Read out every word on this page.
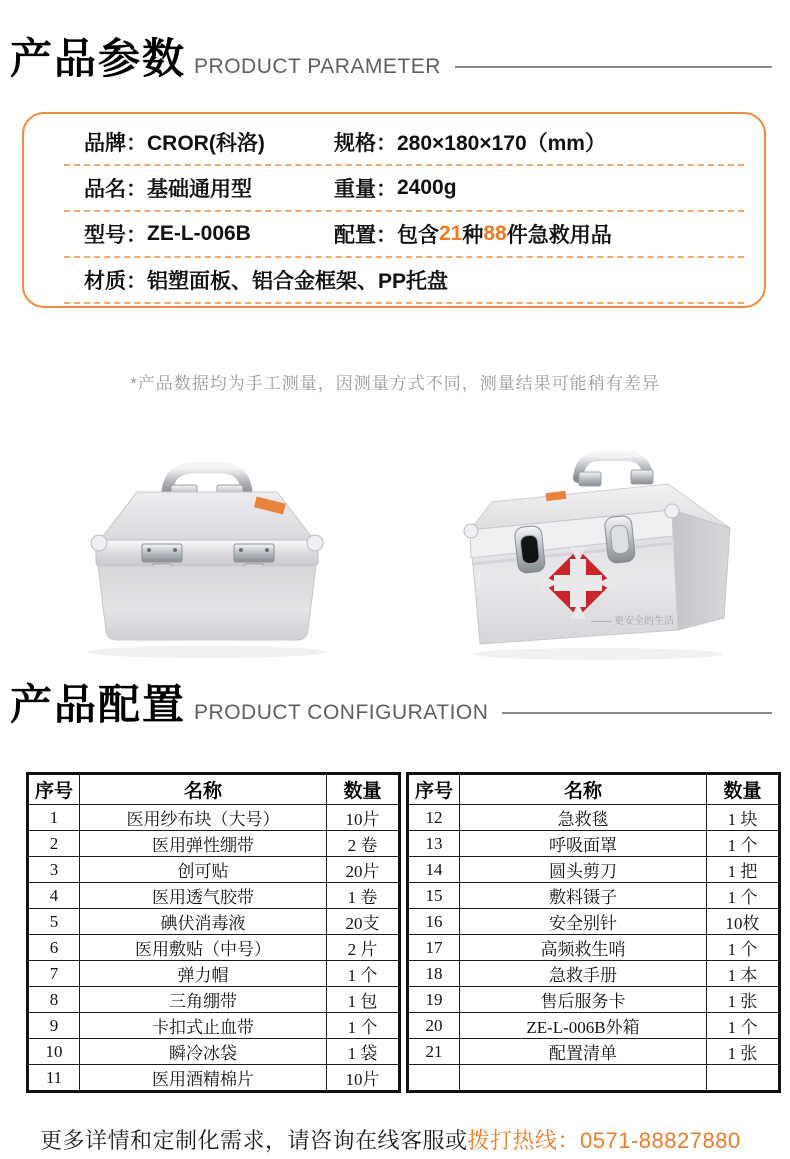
产品参数 PRODUCT PARAMETER
品牌： CROR(科洛)	规格： 280×180×170（mm）
品名： 基础通用型	重量： 2400g
型号： ZE-L-006B	配置： 包含 21 种 88 件急救用品
材质： 铝塑面板、铝合金框架、PP托盘

*产品数据均为手工测量，因测量方式不同，测量结果可能稍有差异

—— 更安全的生活
产品配置 PRODUCT CONFIGURATION
序号	名称	数量
1	医用纱布块（大号）	10片
2	医用弹性绷带	2 卷
3	创可贴	20片
4	医用透气胶带	1 卷
5	碘伏消毒液	20支
6	医用敷贴（中号）	2 片
7	弹力帽	1 个
8	三角绷带	1 包
9	卡扣式止血带	1 个
10	瞬冷冰袋	1 袋
11	医用酒精棉片	10片
序号	名称	数量
12	急救毯	1 块
13	呼吸面罩	1 个
14	圆头剪刀	1 把
15	敷料镊子	1 个
16	安全别针	10枚
17	高频救生哨	1 个
18	急救手册	1 本
19	售后服务卡	1 张
20	ZE-L-006B外箱	1 个
21	配置清单	1 张

更多详情和定制化需求，请咨询在线客服或拨打热线：0571-88827880
